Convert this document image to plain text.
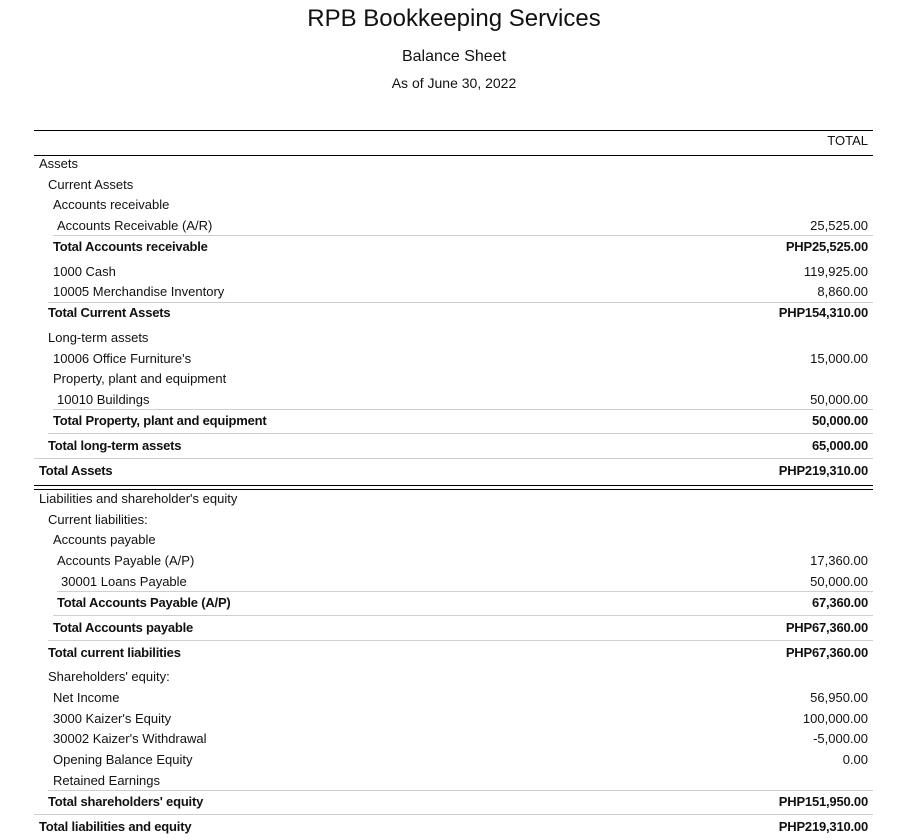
RPB Bookkeeping Services
Balance Sheet
As of June 30, 2022
TOTAL
Assets
Current Assets
Accounts receivable
Accounts Receivable (A/R)	25,525.00
Total Accounts receivable	PHP25,525.00
1000 Cash	119,925.00
10005 Merchandise Inventory	8,860.00
Total Current Assets	PHP154,310.00
Long-term assets
10006 Office Furniture's	15,000.00
Property, plant and equipment
10010 Buildings	50,000.00
Total Property, plant and equipment	50,000.00
Total long-term assets	65,000.00
Total Assets	PHP219,310.00
Liabilities and shareholder's equity
Current liabilities:
Accounts payable
Accounts Payable (A/P)	17,360.00
30001 Loans Payable	50,000.00
Total Accounts Payable (A/P)	67,360.00
Total Accounts payable	PHP67,360.00
Total current liabilities	PHP67,360.00
Shareholders' equity:
Net Income	56,950.00
3000 Kaizer's Equity	100,000.00
30002 Kaizer's Withdrawal	-5,000.00
Opening Balance Equity	0.00
Retained Earnings
Total shareholders' equity	PHP151,950.00
Total liabilities and equity	PHP219,310.00
